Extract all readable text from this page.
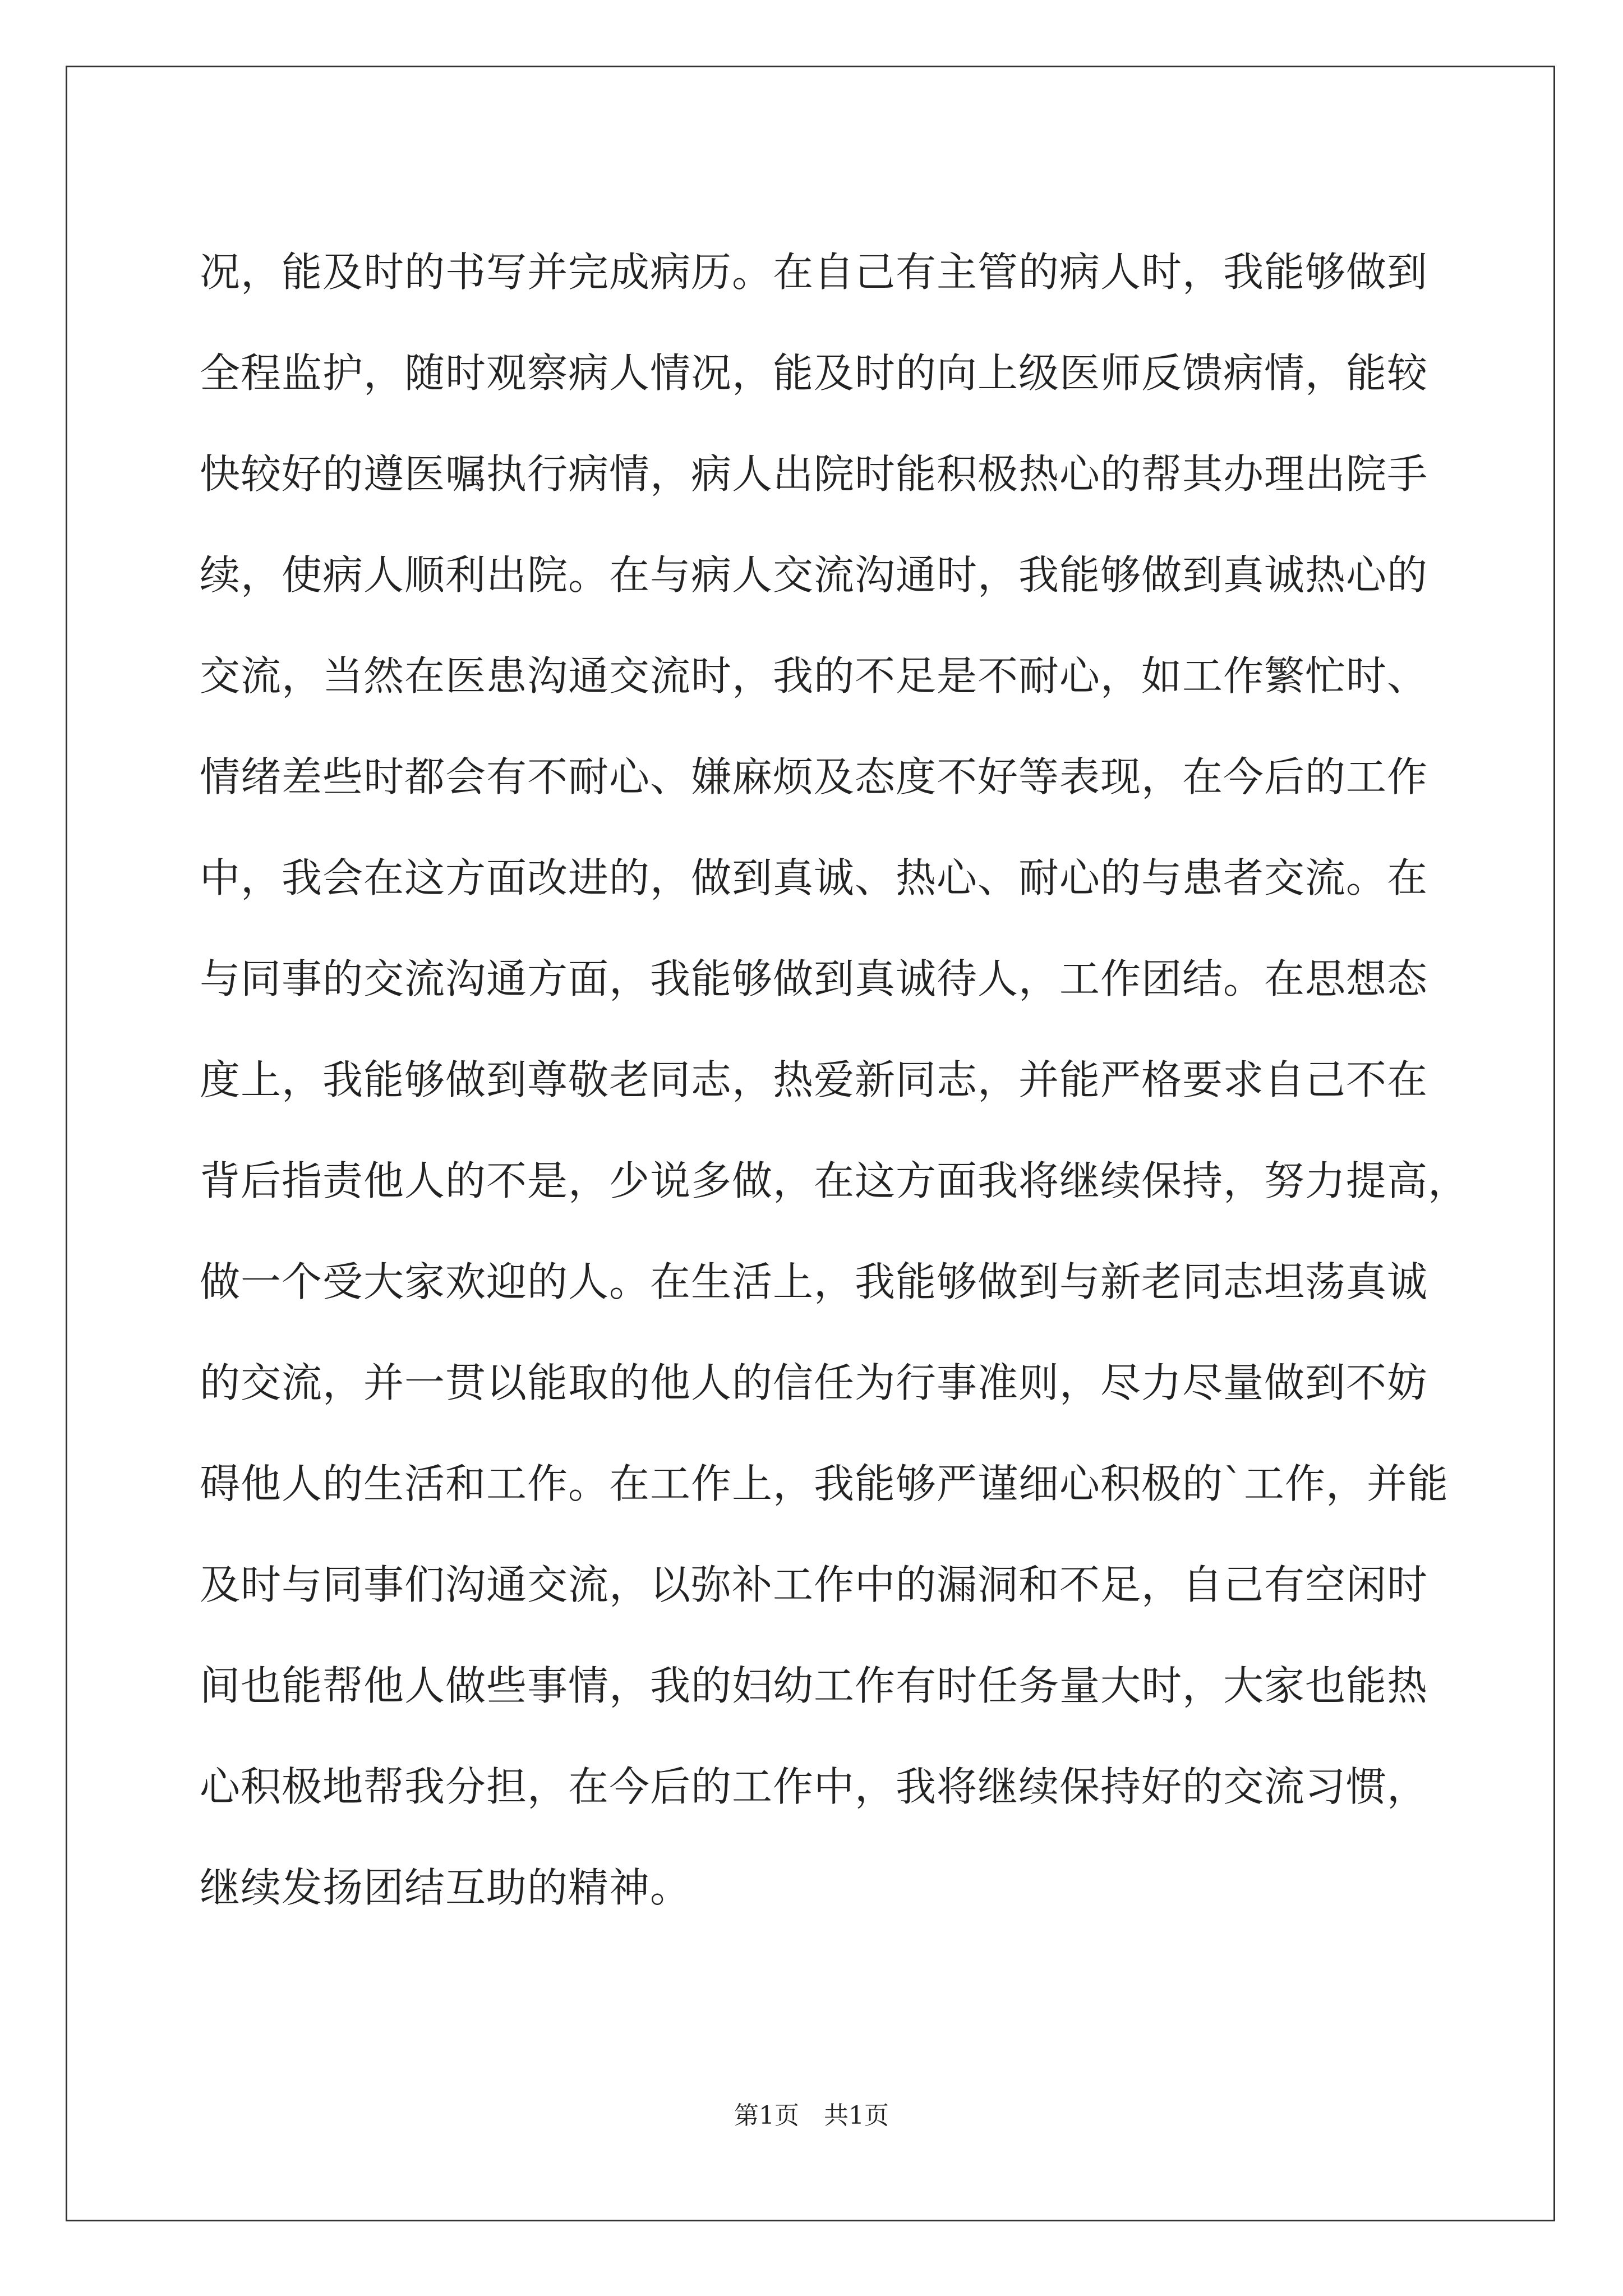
况，能及时的书写并完成病历。在自己有主管的病人时，我能够做到
全程监护，随时观察病人情况，能及时的向上级医师反馈病情，能较
快较好的遵医嘱执行病情，病人出院时能积极热心的帮其办理出院手
续，使病人顺利出院。在与病人交流沟通时，我能够做到真诚热心的
交流，当然在医患沟通交流时，我的不足是不耐心，如工作繁忙时、
情绪差些时都会有不耐心、嫌麻烦及态度不好等表现，在今后的工作
中，我会在这方面改进的，做到真诚、热心、耐心的与患者交流。在
与同事的交流沟通方面，我能够做到真诚待人，工作团结。在思想态
度上，我能够做到尊敬老同志，热爱新同志，并能严格要求自己不在
背后指责他人的不是，少说多做，在这方面我将继续保持，努力提高，
做一个受大家欢迎的人。在生活上，我能够做到与新老同志坦荡真诚
的交流，并一贯以能取的他人的信任为行事准则，尽力尽量做到不妨
碍他人的生活和工作。在工作上，我能够严谨细心积极的`工作，并能
及时与同事们沟通交流，以弥补工作中的漏洞和不足，自己有空闲时
间也能帮他人做些事情，我的妇幼工作有时任务量大时，大家也能热
心积极地帮我分担，在今后的工作中，我将继续保持好的交流习惯，
继续发扬团结互助的精神。
第1页　共1页
